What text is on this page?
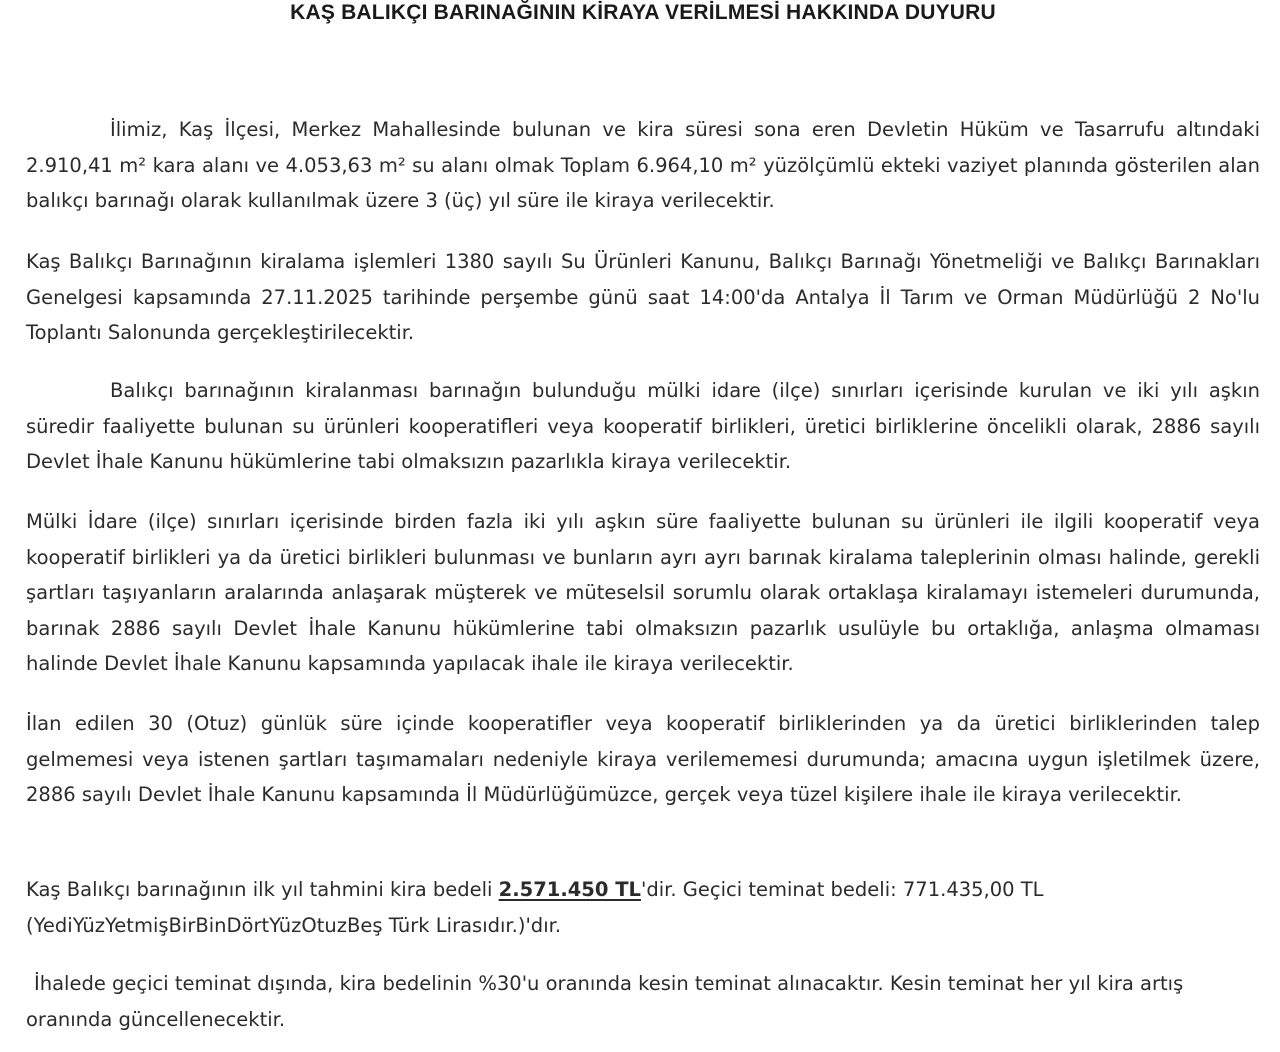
KAŞ BALIKÇI BARINAĞININ KİRAYA VERİLMESİ HAKKINDA DUYURU

İlimiz, Kaş İlçesi, Merkez Mahallesinde bulunan ve kira süresi sona eren Devletin Hüküm ve Tasarrufu altındaki 2.910,41 m² kara alanı ve 4.053,63 m² su alanı olmak Toplam 6.964,10 m² yüzölçümlü ekteki vaziyet planında gösterilen alan balıkçı barınağı olarak kullanılmak üzere 3 (üç) yıl süre ile kiraya verilecektir.

Kaş Balıkçı Barınağının kiralama işlemleri 1380 sayılı Su Ürünleri Kanunu, Balıkçı Barınağı Yönetmeliği ve Balıkçı Barınakları Genelgesi kapsamında 27.11.2025 tarihinde perşembe günü saat 14:00'da Antalya İl Tarım ve Orman Müdürlüğü 2 No'lu Toplantı Salonunda gerçekleştirilecektir.

Balıkçı barınağının kiralanması barınağın bulunduğu mülki idare (ilçe) sınırları içerisinde kurulan ve iki yılı aşkın süredir faaliyette bulunan su ürünleri kooperatifleri veya kooperatif birlikleri, üretici birliklerine öncelikli olarak, 2886 sayılı Devlet İhale Kanunu hükümlerine tabi olmaksızın pazarlıkla kiraya verilecektir.

Mülki İdare (ilçe) sınırları içerisinde birden fazla iki yılı aşkın süre faaliyette bulunan su ürünleri ile ilgili kooperatif veya kooperatif birlikleri ya da üretici birlikleri bulunması ve bunların ayrı ayrı barınak kiralama taleplerinin olması halinde, gerekli şartları taşıyanların aralarında anlaşarak müşterek ve müteselsil sorumlu olarak ortaklaşa kiralamayı istemeleri durumunda, barınak 2886 sayılı Devlet İhale Kanunu hükümlerine tabi olmaksızın pazarlık usulüyle bu ortaklığa, anlaşma olmaması halinde Devlet İhale Kanunu kapsamında yapılacak ihale ile kiraya verilecektir.

İlan edilen 30 (Otuz) günlük süre içinde kooperatifler veya kooperatif birliklerinden ya da üretici birliklerinden talep gelmemesi veya istenen şartları taşımamaları nedeniyle kiraya verilememesi durumunda; amacına uygun işletilmek üzere, 2886 sayılı Devlet İhale Kanunu kapsamında İl Müdürlüğümüzce, gerçek veya tüzel kişilere ihale ile kiraya verilecektir.

Kaş Balıkçı barınağının ilk yıl tahmini kira bedeli 2.571.450 TL'dir. Geçici teminat bedeli: 771.435,00 TL
(YediYüzYetmişBirBinDörtYüzOtuzBeş Türk Lirasıdır.)'dır.

İhalede geçici teminat dışında, kira bedelinin %30'u oranında kesin teminat alınacaktır. Kesin teminat her yıl kira artış
oranında güncellenecektir.
